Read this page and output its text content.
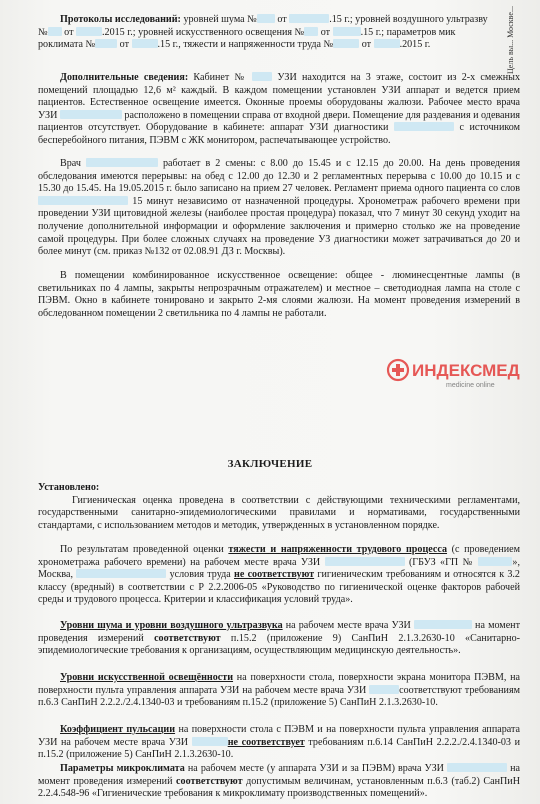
Цель вы... Москве...

Протоколы исследований: уровней шума № от	.15 г.; уровней воздушного ультразву

№ от	.2015 г.; уровней искусственного освещения № от	.15 г.; параметров мик

роклимата № от	.15 г., тяжести и напряженности труда №	от	.2015 г.

Дополнительные сведения: Кабинет №  УЗИ находится на 3 этаже, состоит из 2-х смежных помещений площадью 12,6 м² каждый. В каждом помещении установлен УЗИ аппарат и ведется прием пациентов. Естественное освещение имеется. Оконные проемы оборудованы жалюзи. Рабочее место врача УЗИ	расположено в помещении справа от входной двери. Помещение для раздевания и одевания пациентов отсутствует. Оборудование в кабинете: аппарат УЗИ диагностики	с источником бесперебойного питания, ПЭВМ с ЖК монитором, распечатывающее устройство.

Врач	работает в 2 смены: с 8.00 до 15.45 и с 12.15 до 20.00. На день проведения обследования имеются перерывы: на обед с 12.00 до 12.30 и 2 регламентных перерыва с 10.00 до 10.15 и с 15.30 до 15.45. На 19.05.2015 г. было записано на прием 27 человек. Регламент приема одного пациента со слов  15 минут независимо от назначенной процедуры. Хронометраж рабочего времени при проведении УЗИ щитовидной железы (наиболее простая процедура) показал, что 7 минут 30 секунд уходит на получение дополнительной информации и оформление заключения и примерно столько же на проведение самой процедуры. При более сложных случаях на проведение УЗ диагностики может затрачиваться до 20 и более минут (см. приказ №132 от 02.08.91 ДЗ г. Москвы).

В помещении комбинированное искусственное освещение: общее - люминесцентные лампы (в светильниках по 4 лампы, закрыты непрозрачным отражателем) и местное – светодиодная лампа на столе с ПЭВМ. Окно в кабинете тонировано и закрыто 2-мя слоями жалюзи. На момент проведения измерений в обследованном помещении 2 светильника по 4 лампы не работали.

ЗАКЛЮЧЕНИЕ

Установлено:

Гигиеническая оценка проведена в соответствии с действующими техническими регламентами, государственными санитарно-эпидемиологическими правилами и нормативами, государственными стандартами, с использованием методов и методик, утвержденных в установленном порядке.

По результатам проведенной оценки тяжести и напряженности трудового процесса (с проведением хронометража рабочего времени) на рабочем месте врача УЗИ	(ГБУЗ «ГП №	», Москва,	условия труда не соответствуют гигиеническим требованиям и относятся к 3.2 классу (вредный) в соответствии с Р 2.2.2006-05 «Руководство по гигиенической оценке факторов рабочей среды и трудового процесса. Критерии и классификация условий труда».

Уровни шума и уровни воздушного ультразвука на рабочем месте врача УЗИ	на момент проведения измерений соответствуют п.15.2 (приложение 9) СанПиН 2.1.3.2630-10 «Санитарно-эпидемиологические требования к организациям, осуществляющим медицинскую деятельность».

Уровни искусственной освещённости на поверхности стола, поверхности экрана монитора ПЭВМ, на поверхности пульта управления аппарата УЗИ на рабочем месте врача УЗИ	соответствуют требованиям п.6.3 СанПиН 2.2.2./2.4.1340-03 и требованиям п.15.2 (приложение 5) СанПиН 2.1.3.2630-10.

Коэффициент пульсации на поверхности стола с ПЭВМ и на поверхности пульта управления аппарата УЗИ на рабочем месте врача УЗИ	не соответствует требованиям п.6.14 СанПиН 2.2.2./2.4.1340-03 и п.15.2 (приложение 5) СанПиН 2.1.3.2630-10.

Параметры микроклимата на рабочем месте (у аппарата УЗИ и за ПЭВМ) врача УЗИ	на момент проведения измерений соответствуют допустимым величинам, установленным п.6.3 (таб.2) СанПиН 2.2.4.548-96 «Гигиенические требования к микроклимату производственных помещений».

ИНДЕКСМЕД
medicine online
